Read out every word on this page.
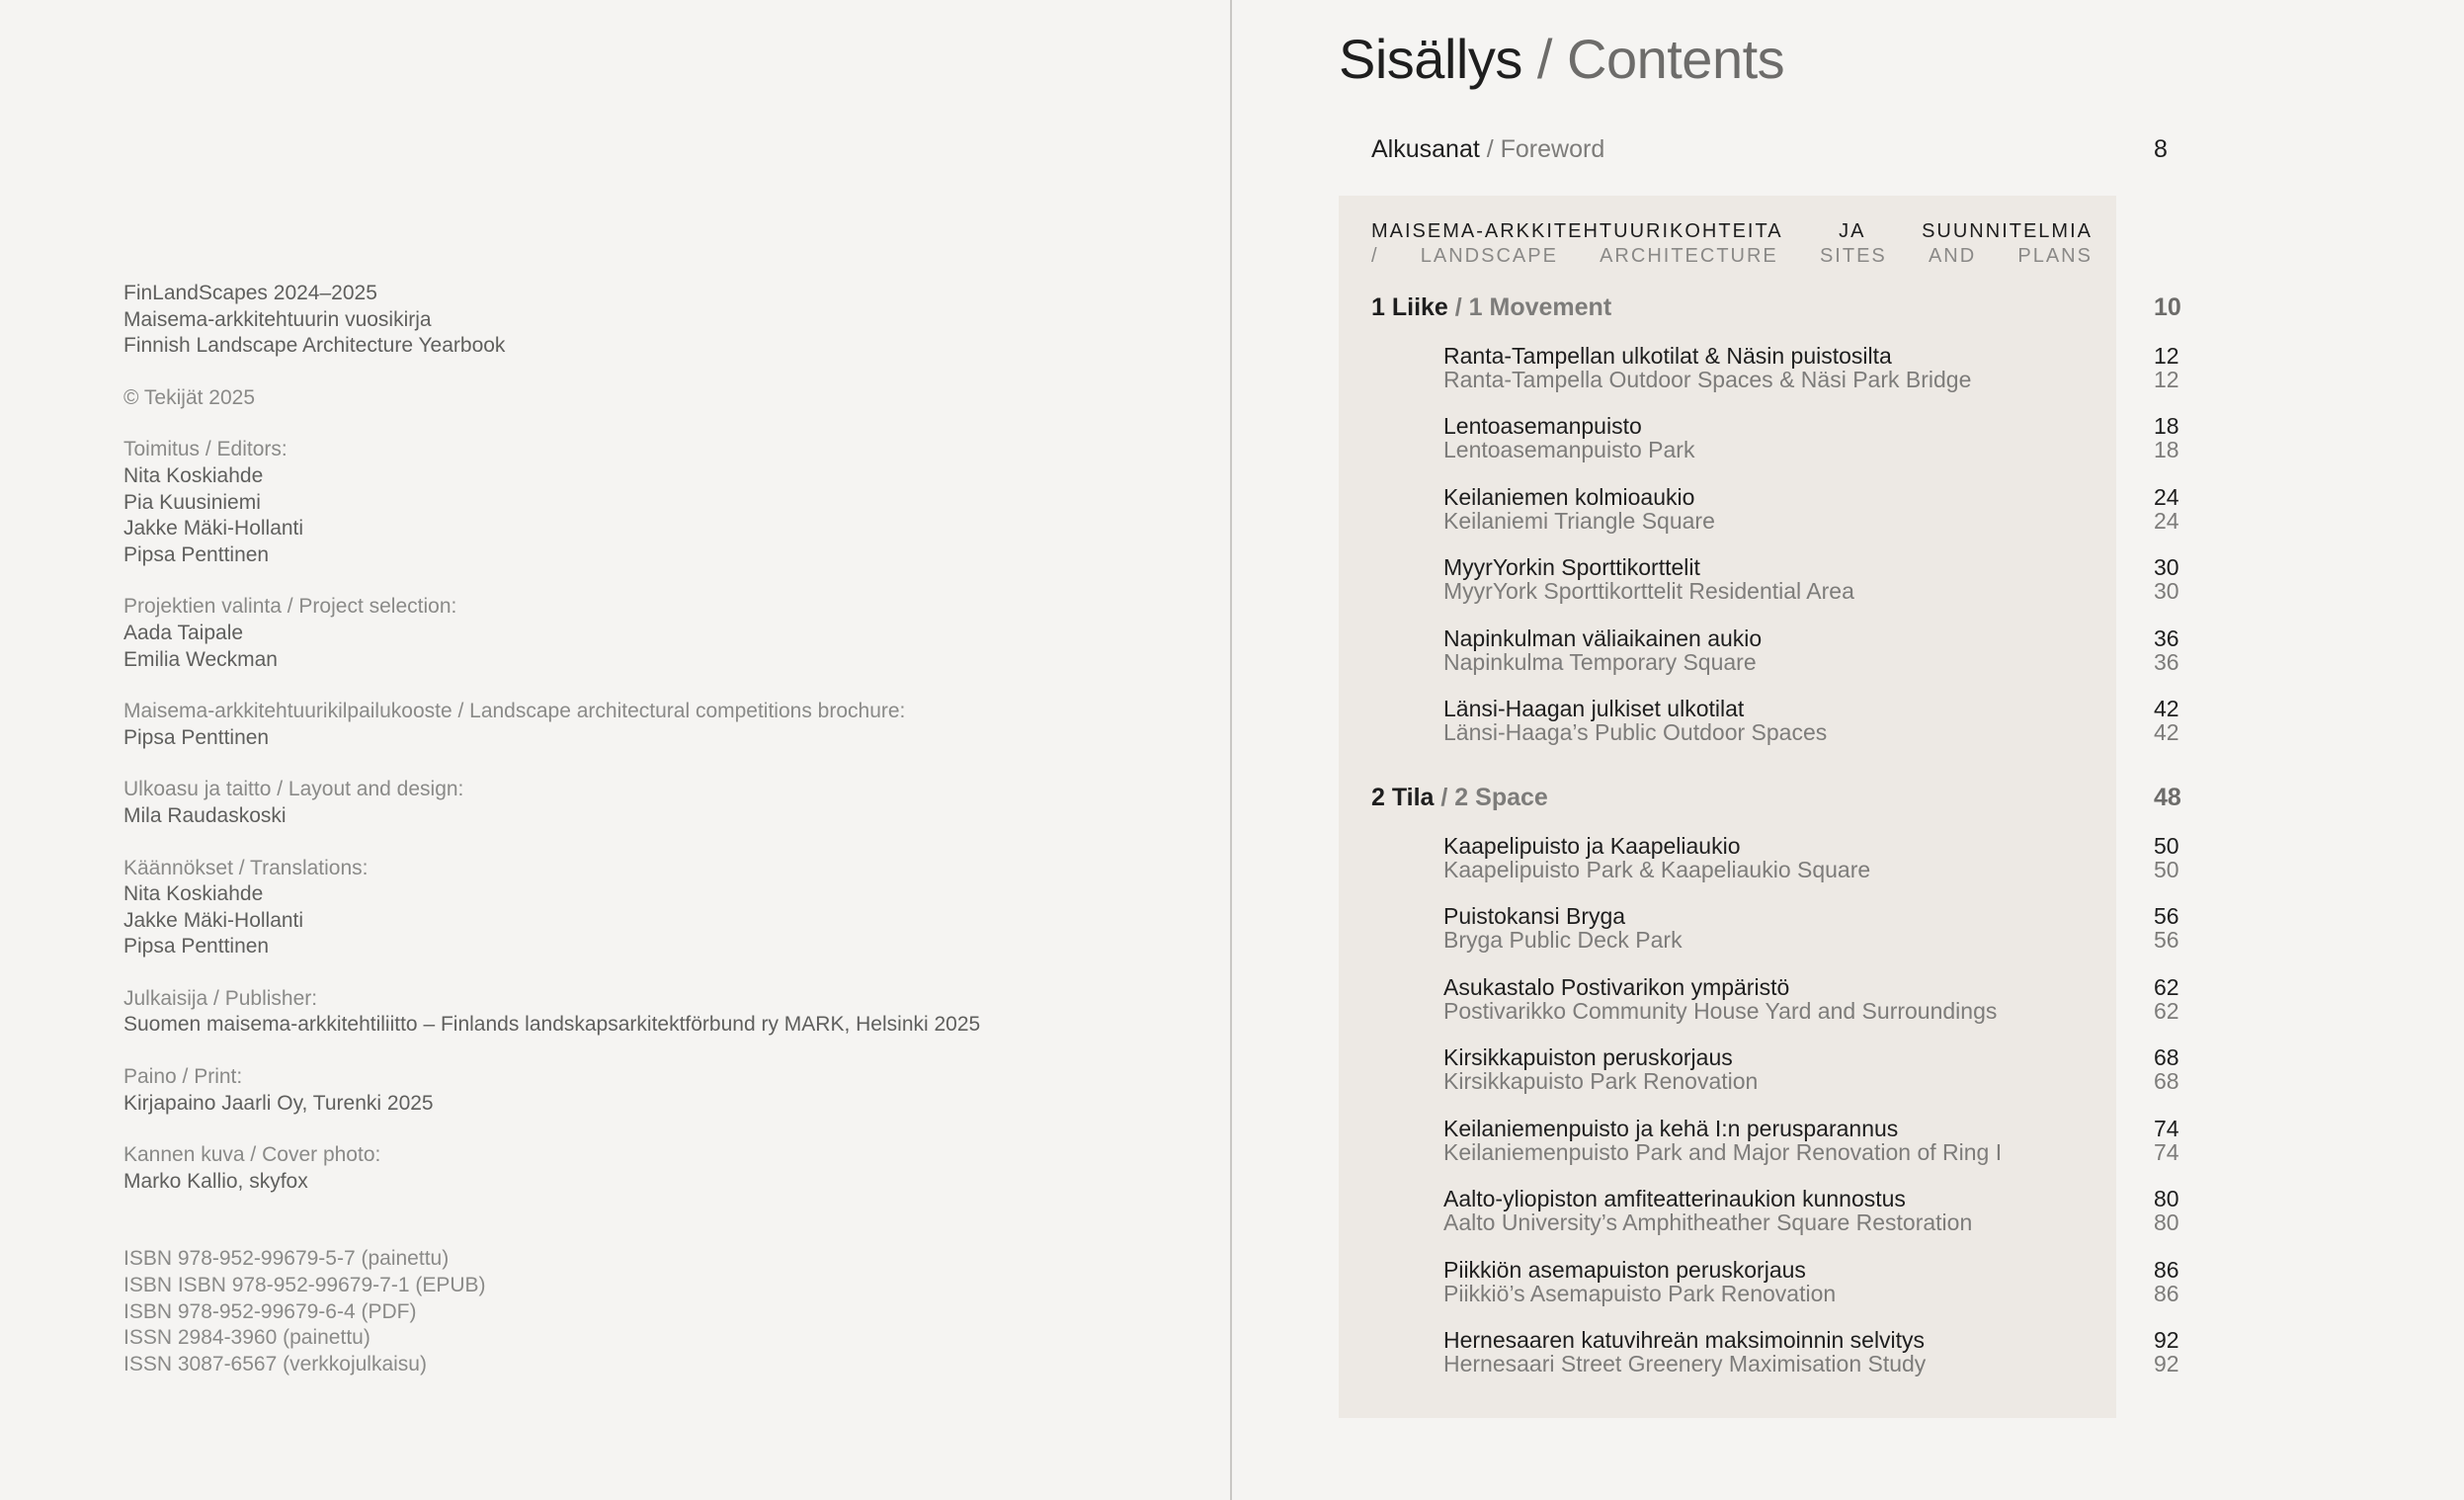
FinLandScapes 2024–2025
Maisema-arkkitehtuurin vuosikirja
Finnish Landscape Architecture Yearbook
© Tekijät 2025
Toimitus / Editors:
Nita Koskiahde
Pia Kuusiniemi
Jakke Mäki-Hollanti
Pipsa Penttinen
Projektien valinta / Project selection:
Aada Taipale
Emilia Weckman
Maisema-arkkitehtuurikilpailukooste / Landscape architectural competitions brochure:
Pipsa Penttinen
Ulkoasu ja taitto / Layout and design:
Mila Raudaskoski
Käännökset / Translations:
Nita Koskiahde
Jakke Mäki-Hollanti
Pipsa Penttinen
Julkaisija / Publisher:
Suomen maisema-arkkitehtiliitto – Finlands landskapsarkitektförbund ry MARK, Helsinki 2025
Paino / Print:
Kirjapaino Jaarli Oy, Turenki 2025
Kannen kuva / Cover photo:
Marko Kallio, skyfox
ISBN 978-952-99679-5-7 (painettu)
ISBN ISBN 978-952-99679-7-1 (EPUB)
ISBN 978-952-99679-6-4 (PDF)
ISSN 2984-3960 (painettu)
ISSN 3087-6567 (verkkojulkaisu)
Sisällys / Contents
Alkusanat / Foreword	8
MAISEMA-ARKKITEHTUURIKOHTEITA	JA	SUUNNITELMIA
/ LANDSCAPE ARCHITECTURE SITES AND PLANS
1 Liike / 1 Movement	10
Ranta-Tampellan ulkotilat & Näsin puistosilta	12
Ranta-Tampella Outdoor Spaces & Näsi Park Bridge	12
Lentoasemanpuisto	18
Lentoasemanpuisto Park	18
Keilaniemen kolmioaukio	24
Keilaniemi Triangle Square	24
MyyrYorkin Sporttikorttelit	30
MyyrYork Sporttikorttelit Residential Area	30
Napinkulman väliaikainen aukio	36
Napinkulma Temporary Square	36
Länsi-Haagan julkiset ulkotilat	42
Länsi-Haaga’s Public Outdoor Spaces	42
2 Tila / 2 Space	48
Kaapelipuisto ja Kaapeliaukio	50
Kaapelipuisto Park & Kaapeliaukio Square	50
Puistokansi Bryga	56
Bryga Public Deck Park	56
Asukastalo Postivarikon ympäristö	62
Postivarikko Community House Yard and Surroundings	62
Kirsikkapuiston peruskorjaus	68
Kirsikkapuisto Park Renovation	68
Keilaniemenpuisto ja kehä I:n perusparannus	74
Keilaniemenpuisto Park and Major Renovation of Ring I	74
Aalto-yliopiston amfiteatterinaukion kunnostus	80
Aalto University’s Amphitheather Square Restoration	80
Piikkiön asemapuiston peruskorjaus	86
Piikkiö’s Asemapuisto Park Renovation	86
Hernesaaren katuvihreän maksimoinnin selvitys	92
Hernesaari Street Greenery Maximisation Study	92
